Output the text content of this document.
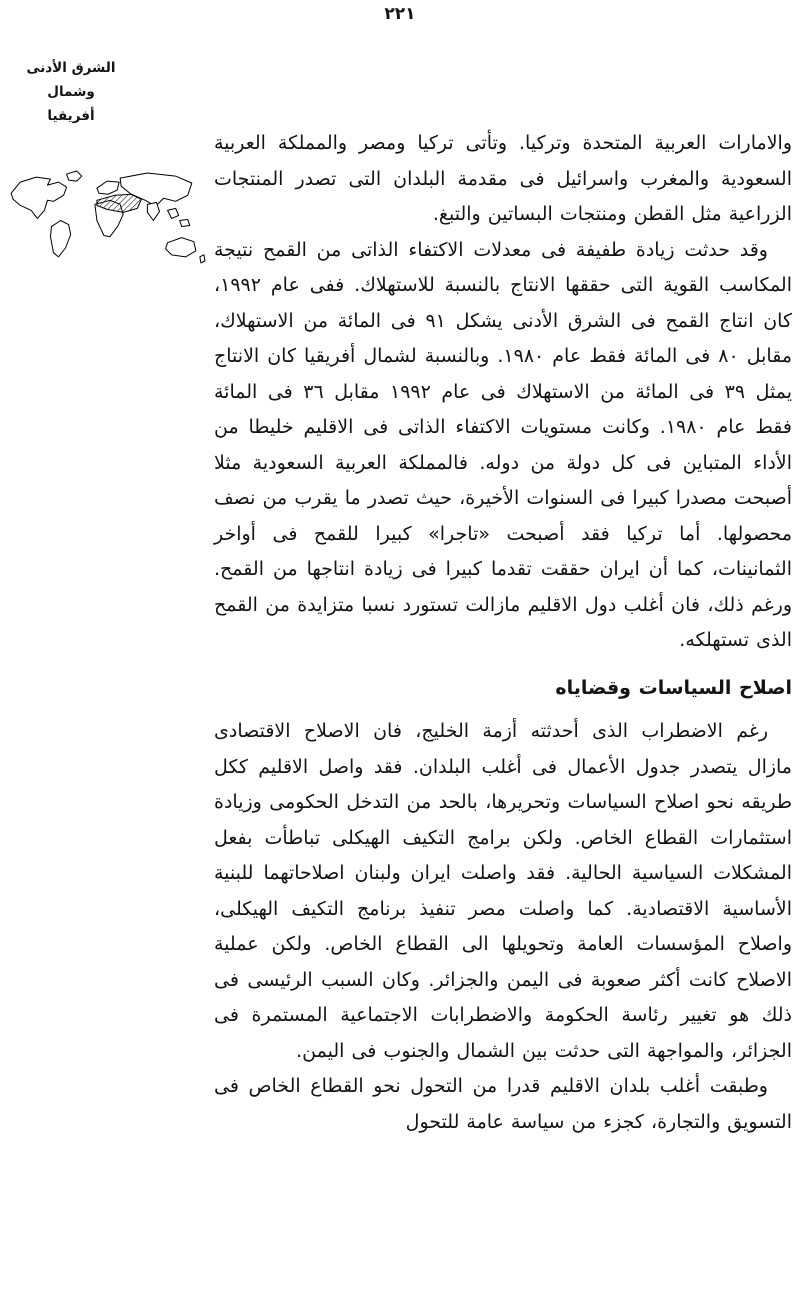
٢٢١
الشرق الأدنى وشمال
أفريقيا

والامارات العربية المتحدة وتركيا. وتأتى تركيا ومصر والمملكة العربية السعودية والمغرب واسرائيل فى مقدمة البلدان التى تصدر المنتجات الزراعية مثل القطن ومنتجات البساتين والتبغ.

وقد حدثت زيادة طفيفة فى معدلات الاكتفاء الذاتى من القمح نتيجة المكاسب القوية التى حققها الانتاج بالنسبة للاستهلاك. ففى عام ١٩٩٢، كان انتاج القمح فى الشرق الأدنى يشكل ٩١ فى المائة من الاستهلاك، مقابل ٨٠ فى المائة فقط عام ١٩٨٠. وبالنسبة لشمال أفريقيا كان الانتاج يمثل ٣٩ فى المائة من الاستهلاك فى عام ١٩٩٢ مقابل ٣٦ فى المائة فقط عام ١٩٨٠. وكانت مستويات الاكتفاء الذاتى فى الاقليم خليطا من الأداء المتباين فى كل دولة من دوله. فالمملكة العربية السعودية مثلا أصبحت مصدرا كبيرا فى السنوات الأخيرة، حيث تصدر ما يقرب من نصف محصولها. أما تركيا فقد أصبحت «تاجرا» كبيرا للقمح فى أواخر الثمانينات، كما أن ايران حققت تقدما كبيرا فى زيادة انتاجها من القمح. ورغم ذلك، فان أغلب دول الاقليم مازالت تستورد نسبا متزايدة من القمح الذى تستهلكه.

اصلاح السياسات وقضاياه

رغم الاضطراب الذى أحدثته أزمة الخليج، فان الاصلاح الاقتصادى مازال يتصدر جدول الأعمال فى أغلب البلدان. فقد واصل الاقليم ككل طريقه نحو اصلاح السياسات وتحريرها، بالحد من التدخل الحكومى وزيادة استثمارات القطاع الخاص. ولكن برامج التكيف الهيكلى تباطأت بفعل المشكلات السياسية الحالية. فقد واصلت ايران ولبنان اصلاحاتهما للبنية الأساسية الاقتصادية. كما واصلت مصر تنفيذ برنامج التكيف الهيكلى، واصلاح المؤسسات العامة وتحويلها الى القطاع الخاص. ولكن عملية الاصلاح كانت أكثر صعوبة فى اليمن والجزائر. وكان السبب الرئيسى فى ذلك هو تغيير رئاسة الحكومة والاضطرابات الاجتماعية المستمرة فى الجزائر، والمواجهة التى حدثت بين الشمال والجنوب فى اليمن.

وطبقت أغلب بلدان الاقليم قدرا من التحول نحو القطاع الخاص فى التسويق والتجارة، كجزء من سياسة عامة للتحول
